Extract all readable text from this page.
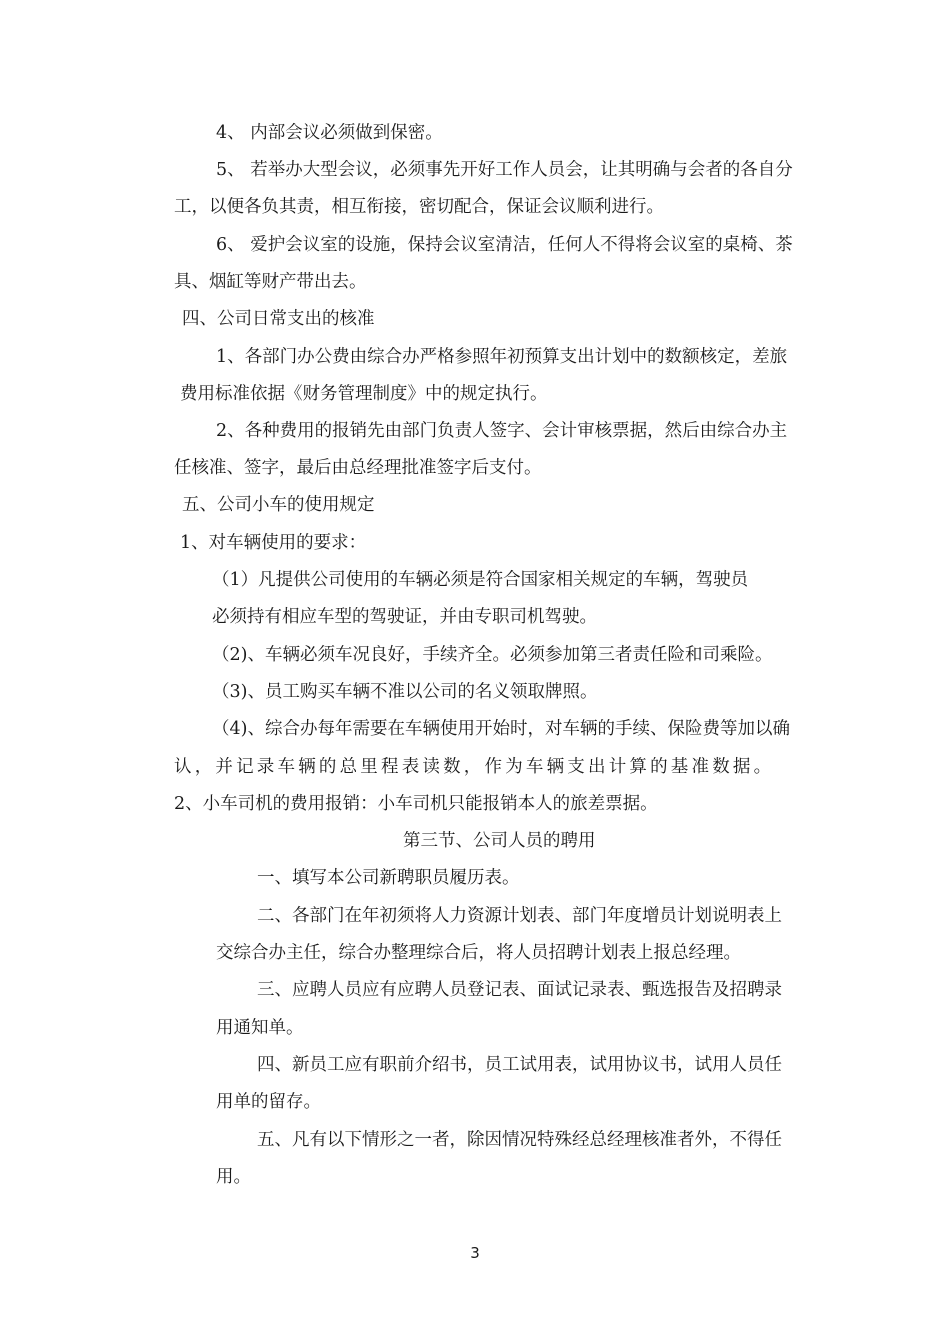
4、 内部会议必须做到保密。
5、 若举办大型会议，必须事先开好工作人员会，让其明确与会者的各自分
工，以便各负其责，相互衔接，密切配合，保证会议顺利进行。
6、 爱护会议室的设施，保持会议室清洁，任何人不得将会议室的桌椅、茶
具、烟缸等财产带出去。
四、公司日常支出的核准
1、各部门办公费由综合办严格参照年初预算支出计划中的数额核定，差旅
费用标准依据《财务管理制度》中的规定执行。
2、各种费用的报销先由部门负责人签字、会计审核票据，然后由综合办主
任核准、签字，最后由总经理批准签字后支付。
五、公司小车的使用规定
1、对车辆使用的要求：
（1）凡提供公司使用的车辆必须是符合国家相关规定的车辆，驾驶员
必须持有相应车型的驾驶证，并由专职司机驾驶。
（2)、车辆必须车况良好，手续齐全。必须参加第三者责任险和司乘险。
（3)、员工购买车辆不准以公司的名义领取牌照。
（4)、综合办每年需要在车辆使用开始时，对车辆的手续、保险费等加以确
认，并记录车辆的总里程表读数，作为车辆支出计算的基准数据。
2、小车司机的费用报销：小车司机只能报销本人的旅差票据。
第三节、公司人员的聘用
一、填写本公司新聘职员履历表。
二、各部门在年初须将人力资源计划表、部门年度增员计划说明表上
交综合办主任，综合办整理综合后，将人员招聘计划表上报总经理。
三、应聘人员应有应聘人员登记表、面试记录表、甄选报告及招聘录
用通知单。
四、新员工应有职前介绍书，员工试用表，试用协议书，试用人员任
用单的留存。
五、凡有以下情形之一者，除因情况特殊经总经理核准者外，不得任
用。
3
